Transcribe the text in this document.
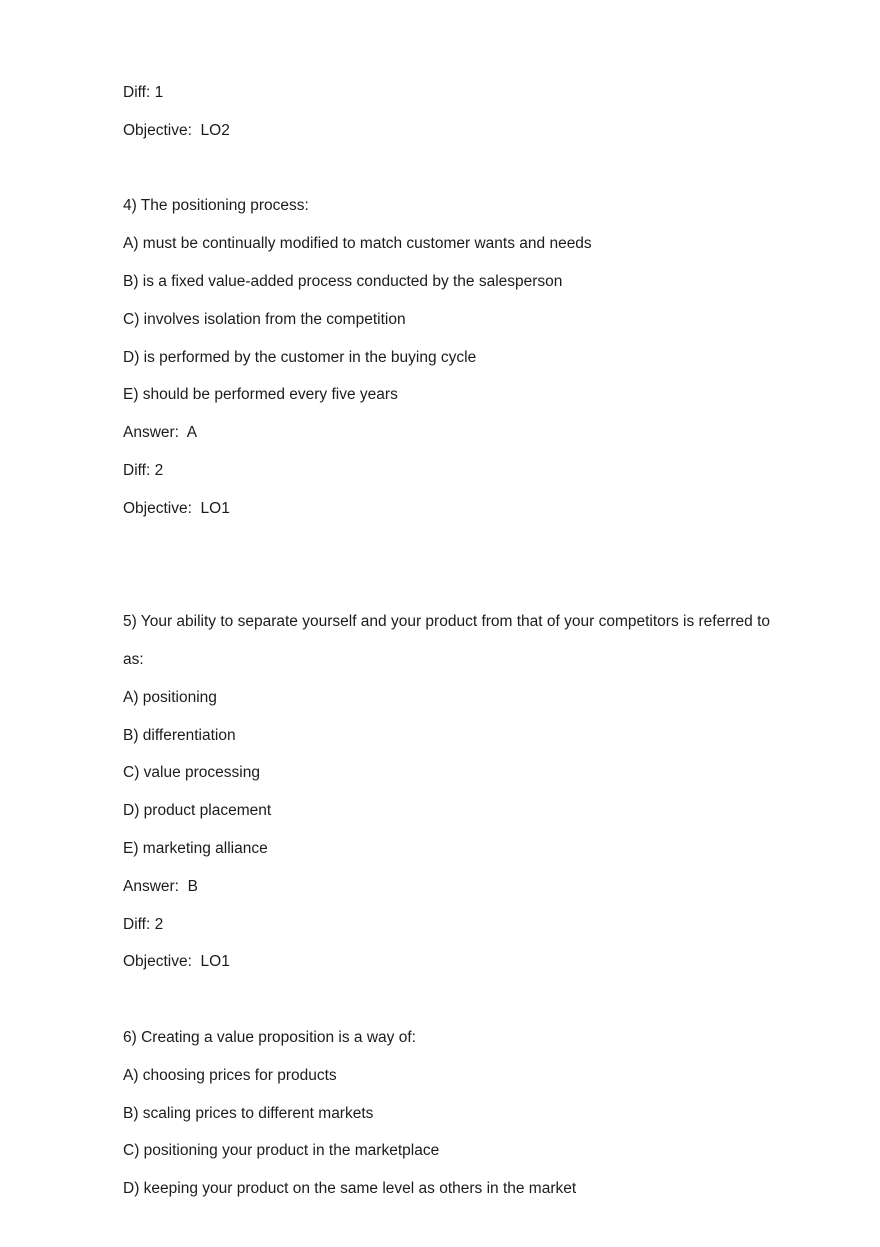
Diff: 1

Objective:  LO2

4) The positioning process:

A) must be continually modified to match customer wants and needs

B) is a fixed value-added process conducted by the salesperson

C) involves isolation from the competition

D) is performed by the customer in the buying cycle

E) should be performed every five years

Answer:  A

Diff: 2

Objective:  LO1

5) Your ability to separate yourself and your product from that of your competitors is referred to as:

A) positioning

B) differentiation

C) value processing

D) product placement

E) marketing alliance

Answer:  B

Diff: 2

Objective:  LO1

6) Creating a value proposition is a way of:

A) choosing prices for products

B) scaling prices to different markets

C) positioning your product in the marketplace

D) keeping your product on the same level as others in the market
